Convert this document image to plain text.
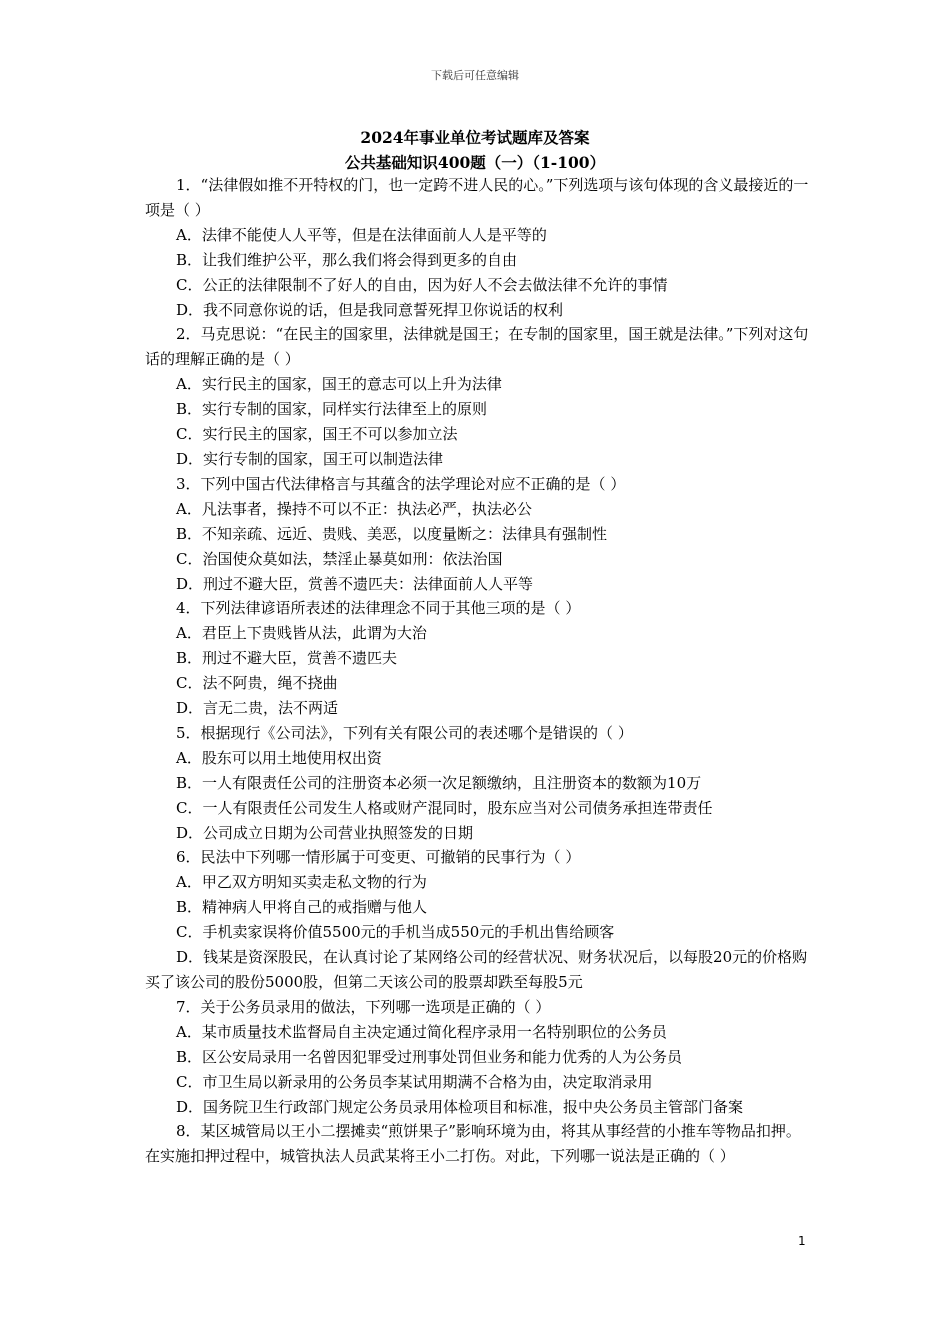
下载后可任意编辑
2024年事业单位考试题库及答案
公共基础知识400题（一）（1-100）

1．“法律假如推不开特权的门，也一定跨不进人民的心。”下列选项与该句体现的含义最接近的一项是（ ）

A．法律不能使人人平等，但是在法律面前人人是平等的

B．让我们维护公平，那么我们将会得到更多的自由

C．公正的法律限制不了好人的自由，因为好人不会去做法律不允许的事情

D．我不同意你说的话，但是我同意誓死捍卫你说话的权利

2．马克思说：“在民主的国家里，法律就是国王；在专制的国家里，国王就是法律。”下列对这句话的理解正确的是（ ）

A．实行民主的国家，国王的意志可以上升为法律

B．实行专制的国家，同样实行法律至上的原则

C．实行民主的国家，国王不可以参加立法

D．实行专制的国家，国王可以制造法律

3．下列中国古代法律格言与其蕴含的法学理论对应不正确的是（ ）

A．凡法事者，操持不可以不正：执法必严，执法必公

B．不知亲疏、远近、贵贱、美恶，以度量断之：法律具有强制性

C．治国使众莫如法，禁淫止暴莫如刑：依法治国

D．刑过不避大臣，赏善不遗匹夫：法律面前人人平等

4．下列法律谚语所表述的法律理念不同于其他三项的是（ ）

A．君臣上下贵贱皆从法，此谓为大治

B．刑过不避大臣，赏善不遗匹夫

C．法不阿贵，绳不挠曲

D．言无二贵，法不两适

5．根据现行《公司法》，下列有关有限公司的表述哪个是错误的（ ）

A．股东可以用土地使用权出资

B．一人有限责任公司的注册资本必须一次足额缴纳，且注册资本的数额为10万

C．一人有限责任公司发生人格或财产混同时，股东应当对公司债务承担连带责任

D．公司成立日期为公司营业执照签发的日期

6．民法中下列哪一情形属于可变更、可撤销的民事行为（ ）

A．甲乙双方明知买卖走私文物的行为

B．精神病人甲将自己的戒指赠与他人

C．手机卖家误将价值5500元的手机当成550元的手机出售给顾客

D．钱某是资深股民，在认真讨论了某网络公司的经营状况、财务状况后，以每股20元的价格购买了该公司的股份5000股，但第二天该公司的股票却跌至每股5元

7．关于公务员录用的做法，下列哪一选项是正确的（ ）

A．某市质量技术监督局自主决定通过简化程序录用一名特别职位的公务员

B．区公安局录用一名曾因犯罪受过刑事处罚但业务和能力优秀的人为公务员

C．市卫生局以新录用的公务员李某试用期满不合格为由，决定取消录用

D．国务院卫生行政部门规定公务员录用体检项目和标准，报中央公务员主管部门备案

8．某区城管局以王小二摆摊卖“煎饼果子”影响环境为由，将其从事经营的小推车等物品扣押。在实施扣押过程中，城管执法人员武某将王小二打伤。对此，下列哪一说法是正确的（ ）

1
